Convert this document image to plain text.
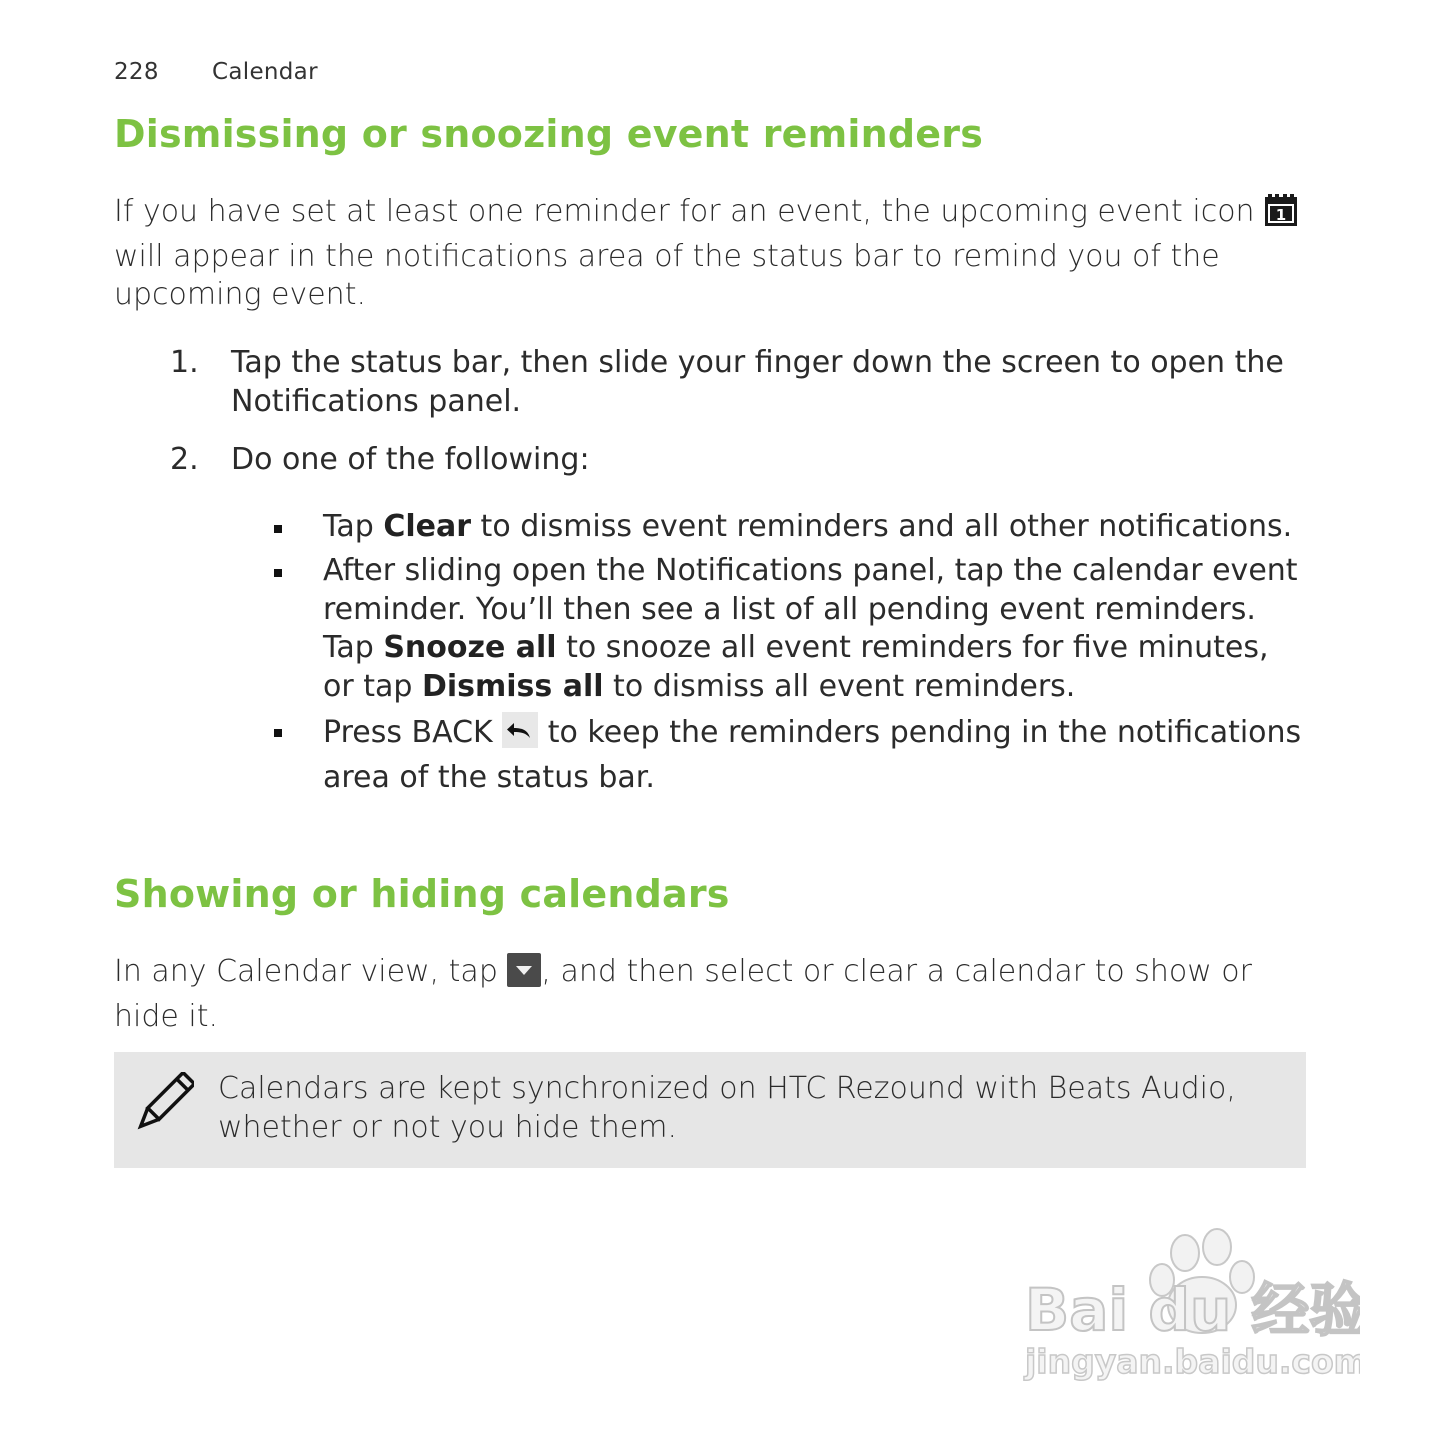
228 Calendar
Dismissing or snoozing event reminders

If you have set at least one reminder for an event, the upcoming event icon 1
will appear in the notifications area of the status bar to remind you of the upcoming event.

1. Tap the status bar, then slide your finger down the screen to open the Notifications panel.
2. Do one of the following:
Tap Clear to dismiss event reminders and all other notifications.
After sliding open the Notifications panel, tap the calendar event reminder. You’ll then see a list of all pending event reminders. Tap Snooze all to snooze all event reminders for five minutes, or tap Dismiss all to dismiss all event reminders.
Press BACK  to keep the reminders pending in the notifications area of the status bar.
Showing or hiding calendars

In any Calendar view, tap , and then select or clear a calendar to show or hide it.

Calendars are kept synchronized on HTC Rezound with Beats Audio, whether or not you hide them.
Bai du 经验
jingyan.baidu.com
